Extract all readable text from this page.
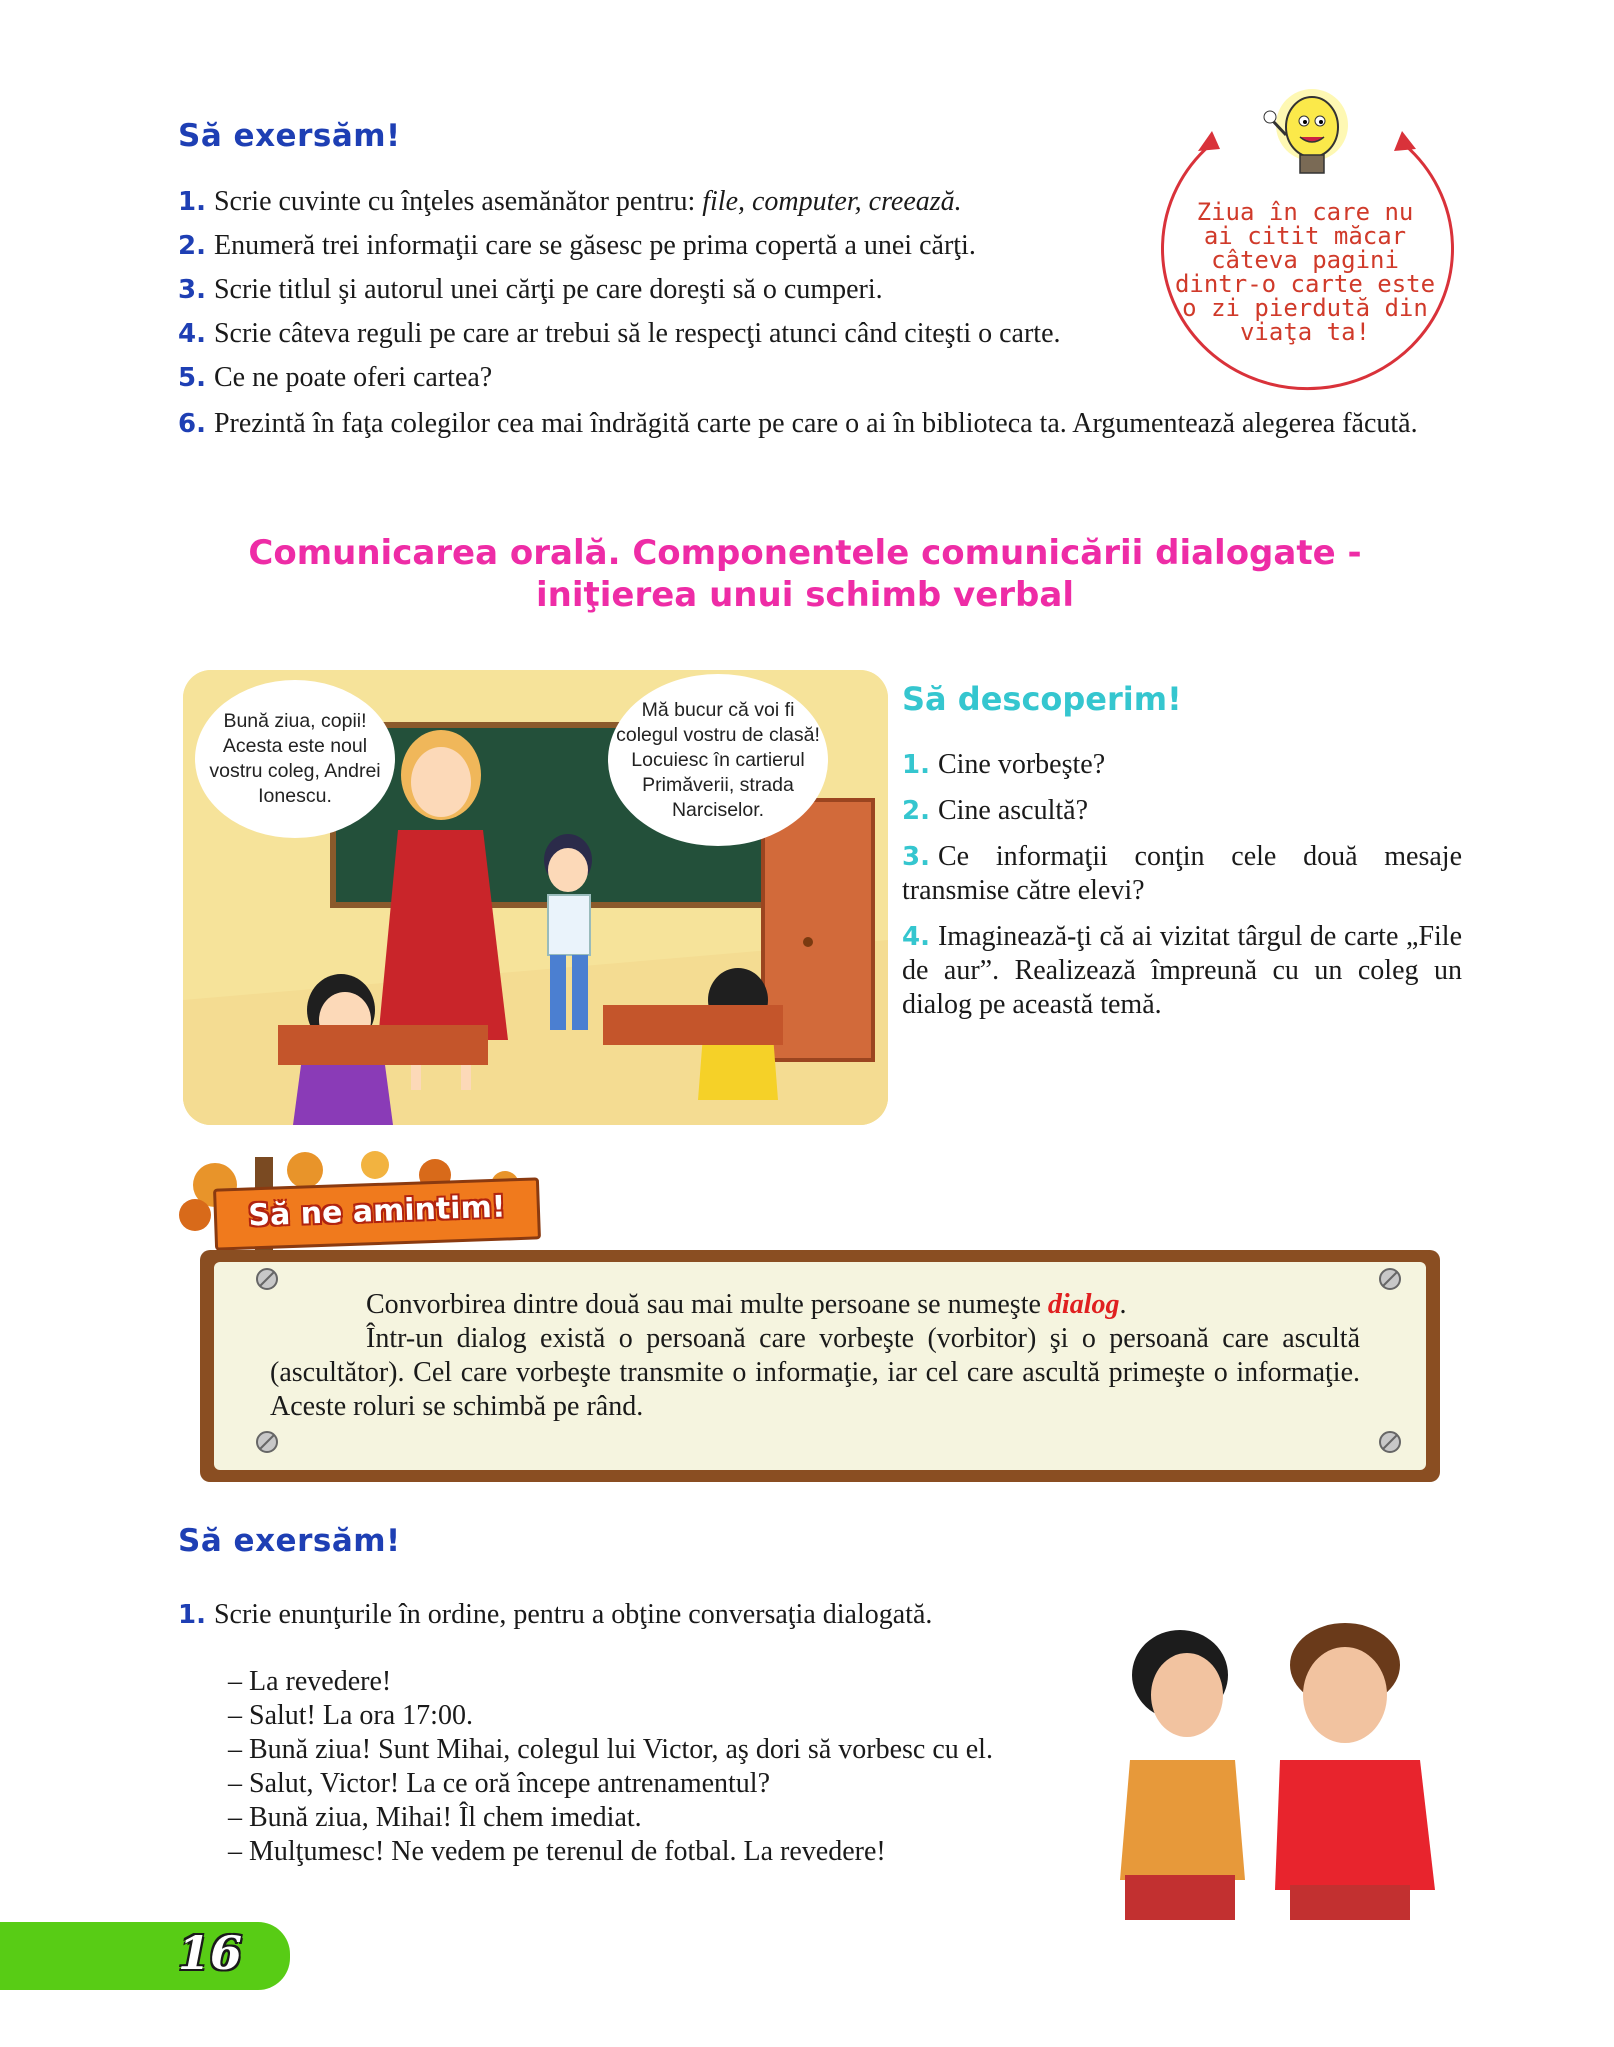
Să exersăm!
1. Scrie cuvinte cu înţeles asemănător pentru: file, computer, creează.
2. Enumeră trei informaţii care se găsesc pe prima copertă a unei cărţi.
3. Scrie titlul şi autorul unei cărţi pe care doreşti să o cumperi.
4. Scrie câteva reguli pe care ar trebui să le respecţi atunci când citeşti o carte.
5. Ce ne poate oferi cartea?
6. Prezintă în faţa colegilor cea mai îndrăgită carte pe care o ai în biblioteca ta. Argumentează alegerea făcută.
Ziua în care nu
ai citit măcar
câteva pagini
dintr-o carte este
o zi pierdută din
viaţa ta!
Comunicarea orală. Componentele comunicării dialogate -
iniţierea unui schimb verbal
Bună ziua, copii! Acesta este noul vostru coleg, Andrei Ionescu.
Mă bucur că voi fi colegul vostru de clasă! Locuiesc în cartierul Primăverii, strada Narciselor.
Să descoperim!
1. Cine vorbeşte?
2. Cine ascultă?
3. Ce informaţii conţin cele două mesaje transmise către elevi?
4. Imaginează-ţi că ai vizitat târgul de carte „File de aur”. Realizează împreună cu un coleg un dialog pe această temă.
Să ne amintim!
Convorbirea dintre două sau mai multe persoane se numeşte dialog.
Într-un dialog există o persoană care vorbeşte (vorbitor) şi o persoană care ascultă (ascultător). Cel care vorbeşte transmite o informaţie, iar cel care ascultă primeşte o informaţie. Aceste roluri se schimbă pe rând.
Să exersăm!
1. Scrie enunţurile în ordine, pentru a obţine conversaţia dialogată.
– La revedere!
– Salut! La ora 17:00.
– Bună ziua! Sunt Mihai, colegul lui Victor, aş dori să vorbesc cu el.
– Salut, Victor! La ce oră începe antrenamentul?
– Bună ziua, Mihai! Îl chem imediat.
– Mulţumesc! Ne vedem pe terenul de fotbal. La revedere!
16
